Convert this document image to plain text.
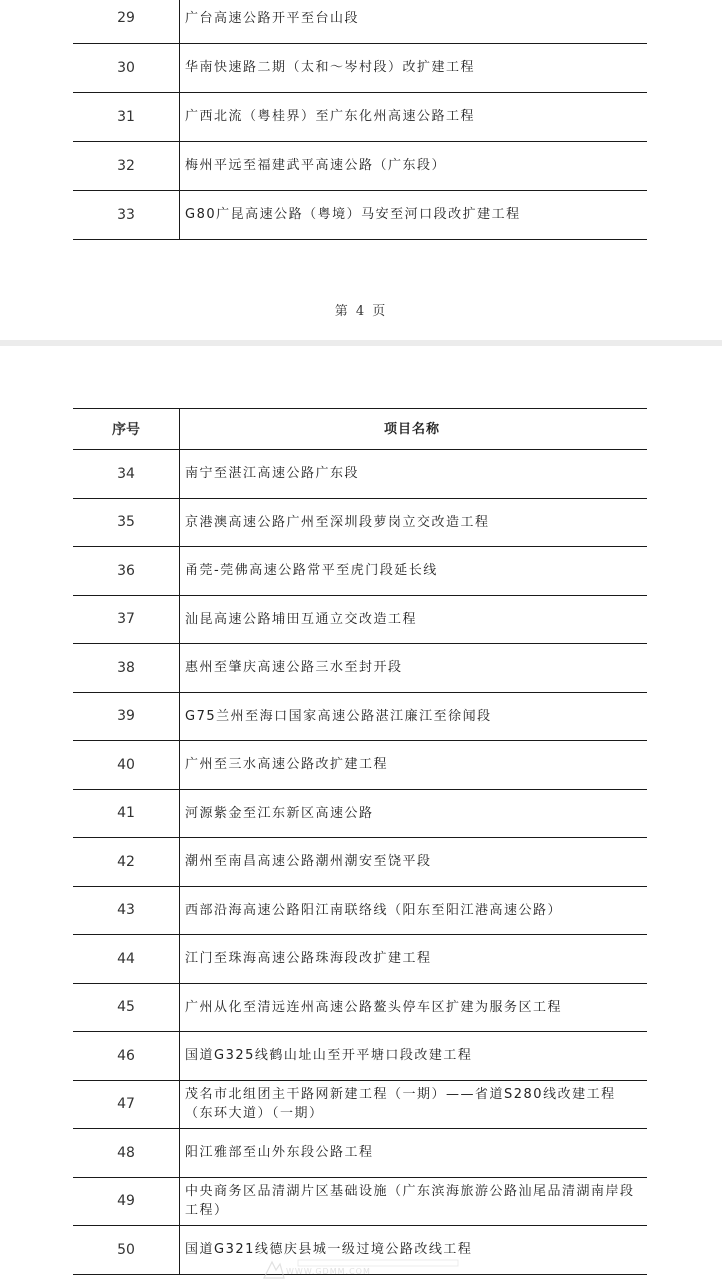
29	广台高速公路开平至台山段
30	华南快速路二期（太和～岑村段）改扩建工程
31	广西北流（粤桂界）至广东化州高速公路工程
32	梅州平远至福建武平高速公路（广东段）
33	G80广昆高速公路（粤境）马安至河口段改扩建工程
第 4 页
序号	项目名称
34	南宁至湛江高速公路广东段
35	京港澳高速公路广州至深圳段萝岗立交改造工程
36	甬莞-莞佛高速公路常平至虎门段延长线
37	汕昆高速公路埔田互通立交改造工程
38	惠州至肇庆高速公路三水至封开段
39	G75兰州至海口国家高速公路湛江廉江至徐闻段
40	广州至三水高速公路改扩建工程
41	河源紫金至江东新区高速公路
42	潮州至南昌高速公路潮州潮安至饶平段
43	西部沿海高速公路阳江南联络线（阳东至阳江港高速公路）
44	江门至珠海高速公路珠海段改扩建工程
45	广州从化至清远连州高速公路鳌头停车区扩建为服务区工程
46	国道G325线鹤山址山至开平塘口段改建工程
47	茂名市北组团主干路网新建工程（一期）——省道S280线改建工程（东环大道）（一期）
48	阳江雅部至山外东段公路工程
49	中央商务区品清湖片区基础设施（广东滨海旅游公路汕尾品清湖南岸段工程）
50	国道G321线德庆县城一级过境公路改线工程
WWW.GDMM.COM
